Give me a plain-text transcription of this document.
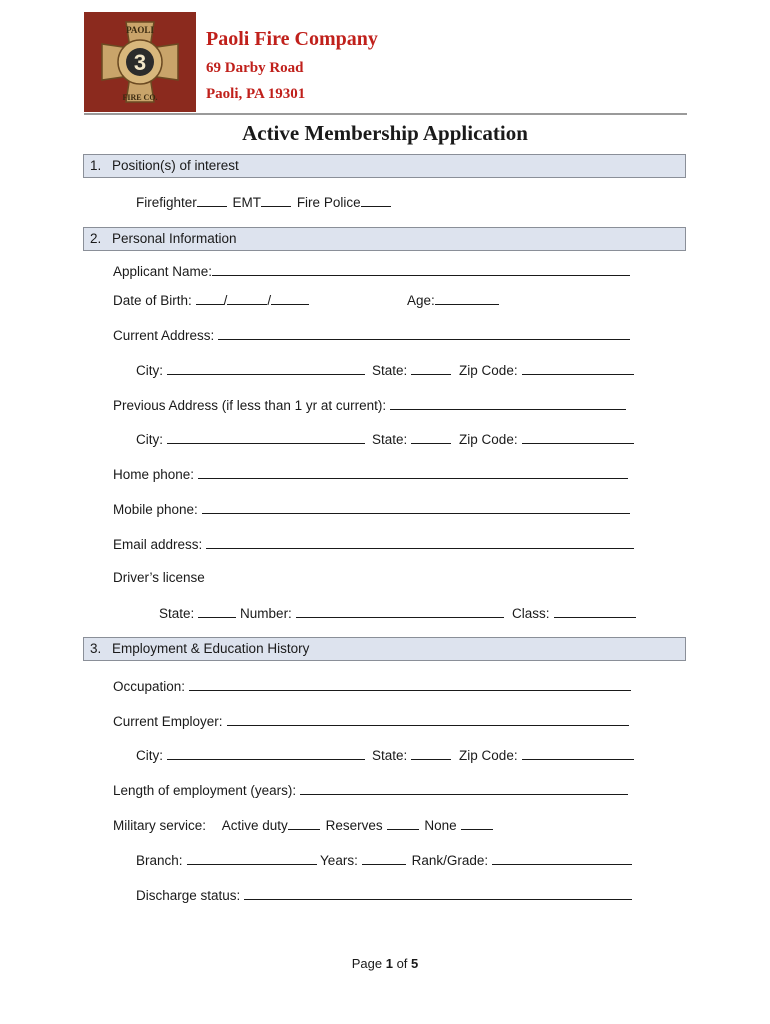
PAOLI
3
FIRE CO.
Paoli Fire Company
69 Darby Road
Paoli, PA 19301
Active Membership Application
1. Position(s) of interest
Firefighter	EMT	Fire Police
2. Personal Information
Applicant Name:
Date of Birth: /	/	Age:
Current Address:
City:	State:	Zip Code:
Previous Address (if less than 1 yr at current):
City:	State:	Zip Code:
Home phone:
Mobile phone:
Email address:
Driver’s license
State:	Number:	Class:
3. Employment & Education History
Occupation:
Current Employer:
City:	State:	Zip Code:
Length of employment (years):
Military service: Active duty	Reserves	None
Branch:	Years:	Rank/Grade:
Discharge status:
Page 1 of 5
